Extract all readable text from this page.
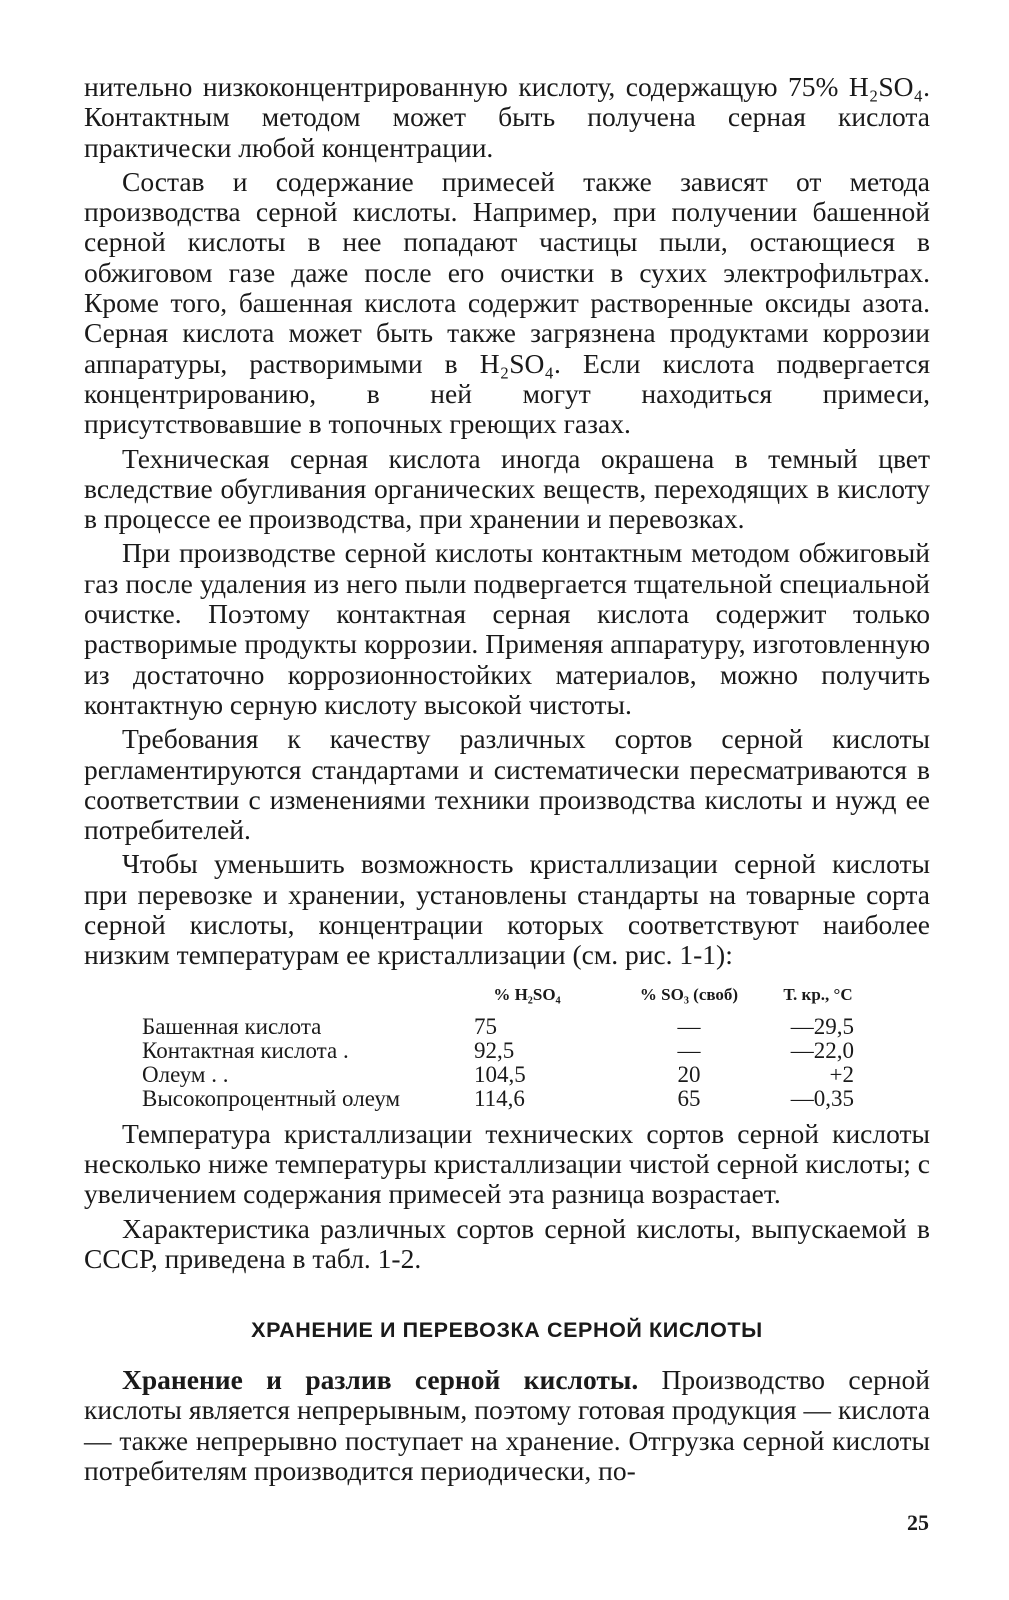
нительно низкоконцентрированную кислоту, содержащую 75% H₂SO₄. Контактным методом может быть получена серная кислота практически любой концентрации.

Состав и содержание примесей также зависят от метода производства серной кислоты. Например, при получении башенной серной кислоты в нее попадают частицы пыли, остающиеся в обжиговом газе даже после его очистки в сухих электрофильтрах. Кроме того, башенная кислота содержит растворенные оксиды азота. Серная кислота может быть также загрязнена продуктами коррозии аппаратуры, растворимыми в H₂SO₄. Если кислота подвергается концентрированию, в ней могут находиться примеси, присутствовавшие в топочных греющих газах.

Техническая серная кислота иногда окрашена в темный цвет вследствие обугливания органических веществ, переходящих в кислоту в процессе ее производства, при хранении и перевозках.

При производстве серной кислоты контактным методом обжиговый газ после удаления из него пыли подвергается тщательной специальной очистке. Поэтому контактная серная кислота содержит только растворимые продукты коррозии. Применяя аппаратуру, изготовленную из достаточно коррозионностойких материалов, можно получить контактную серную кислоту высокой чистоты.

Требования к качеству различных сортов серной кислоты регламентируются стандартами и систематически пересматриваются в соответствии с изменениями техники производства кислоты и нужд ее потребителей.

Чтобы уменьшить возможность кристаллизации серной кислоты при перевозке и хранении, установлены стандарты на товарные сорта серной кислоты, концентрации которых соответствуют наиболее низким температурам ее кристаллизации (см. рис. 1-1):

	% H₂SO₄	% SO₃ (своб)	Т. кр., °С
Башенная кислота	75	—	—29,5
Контактная кислота .	92,5	—	—22,0
Олеум . .	104,5	20	+2
Высокопроцентный олеум	114,6	65	—0,35

Температура кристаллизации технических сортов серной кислоты несколько ниже температуры кристаллизации чистой серной кислоты; с увеличением содержания примесей эта разница возрастает.

Характеристика различных сортов серной кислоты, выпускаемой в СССР, приведена в табл. 1-2.

ХРАНЕНИЕ И ПЕРЕВОЗКА СЕРНОЙ КИСЛОТЫ

Хранение и разлив серной кислоты. Производство серной кислоты является непрерывным, поэтому готовая продукция — кислота — также непрерывно поступает на хранение. Отгрузка серной кислоты потребителям производится периодически, по-

25
